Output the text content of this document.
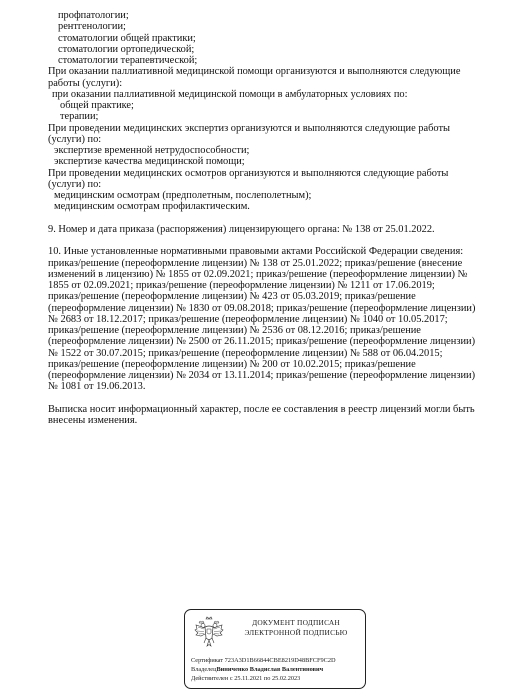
профпатологии;
рентгенологии;
стоматологии общей практики;
стоматологии ортопедической;
стоматологии терапевтической;
При оказании паллиативной медицинской помощи организуются и выполняются следующие
работы (услуги):
при оказании паллиативной медицинской помощи в амбулаторных условиях по:
общей практике;
терапии;
При проведении медицинских экспертиз организуются и выполняются следующие работы
(услуги) по:
экспертизе временной нетрудоспособности;
экспертизе качества медицинской помощи;
При проведении медицинских осмотров организуются и выполняются следующие работы
(услуги) по:
медицинским осмотрам (предполетным, послеполетным);
медицинским осмотрам профилактическим.
9. Номер и дата приказа (распоряжения) лицензирующего органа: № 138 от 25.01.2022.
10. Иные установленные нормативными правовыми актами Российской Федерации сведения:
приказ/решение (переоформление лицензии) № 138 от 25.01.2022; приказ/решение (внесение
изменений в лицензию) № 1855 от 02.09.2021; приказ/решение (переоформление лицензии) №
1855 от 02.09.2021; приказ/решение (переоформление лицензии) № 1211 от 17.06.2019;
приказ/решение (переоформление лицензии) № 423 от 05.03.2019; приказ/решение
(переоформление лицензии) № 1830 от 09.08.2018; приказ/решение (переоформление лицензии)
№ 2683 от 18.12.2017; приказ/решение (переоформление лицензии) № 1040 от 10.05.2017;
приказ/решение (переоформление лицензии) № 2536 от 08.12.2016; приказ/решение
(переоформление лицензии) № 2500 от 26.11.2015; приказ/решение (переоформление лицензии)
№ 1522 от 30.07.2015; приказ/решение (переоформление лицензии) № 588 от 06.04.2015;
приказ/решение (переоформление лицензии) № 200 от 10.02.2015; приказ/решение
(переоформление лицензии) № 2034 от 13.11.2014; приказ/решение (переоформление лицензии)
№ 1081 от 19.06.2013.
Выписка носит информационный характер, после ее составления в реестр лицензий могли быть
внесены изменения.
ДОКУМЕНТ ПОДПИСАН
ЭЛЕКТРОННОЙ ПОДПИСЬЮ
Сертификат 723A3D1B66844CBE8219D48BFCF9C2D
ВладелецВиниченко Владислав Валентинович
Действителен с 25.11.2021 по 25.02.2023
